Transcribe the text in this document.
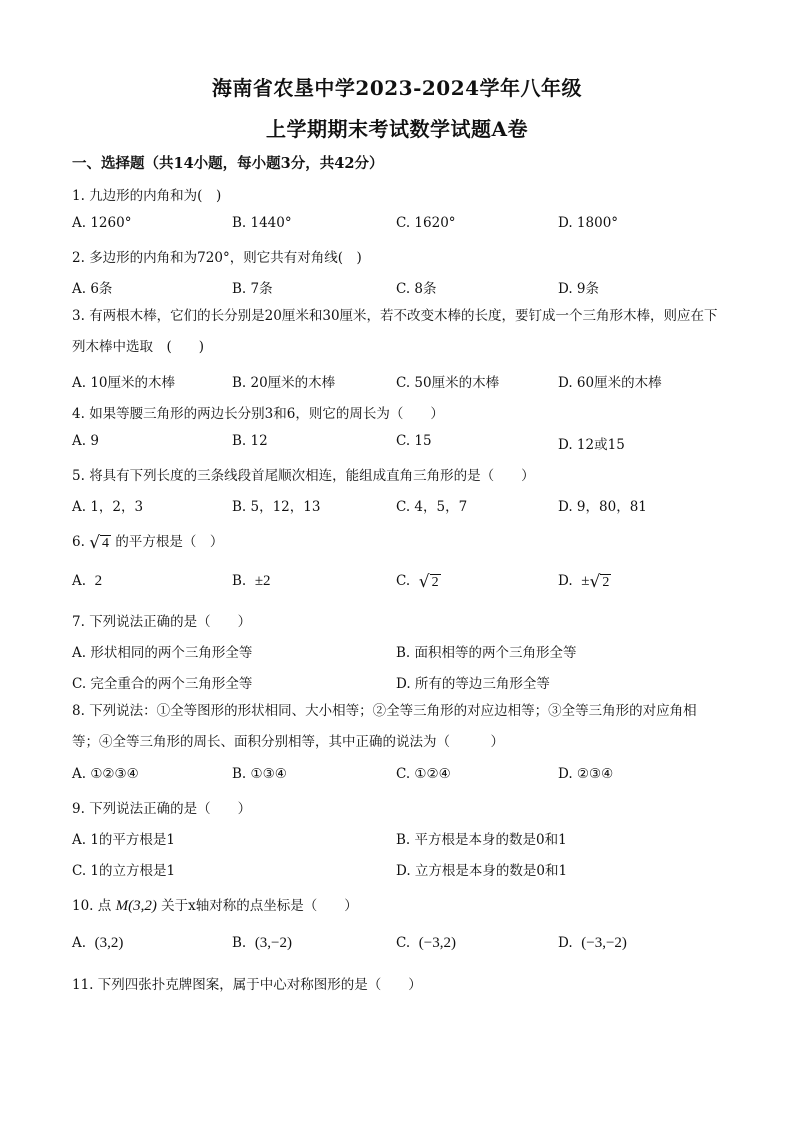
海南省农垦中学2023-2024学年八年级
上学期期末考试数学试题A卷
一、选择题（共14小题，每小题3分，共42分）
1. 九边形的内角和为(　)
A. 1260°	B. 1440°	C. 1620°	D. 1800°
2. 多边形的内角和为720°，则它共有对角线(　)
A. 6条	B. 7条	C. 8条	D. 9条
3. 有两根木棒，它们的长分别是20厘米和30厘米，若不改变木棒的长度，要钉成一个三角形木棒，则应在下列木棒中选取　(　　)
A. 10厘米的木棒	B. 20厘米的木棒	C. 50厘米的木棒	D. 60厘米的木棒
4. 如果等腰三角形的两边长分别3和6，则它的周长为（　　）
A. 9	B. 12	C. 15	D. 12或15
5. 将具有下列长度的三条线段首尾顺次相连，能组成直角三角形的是（　　）
A. 1，2，3	B. 5，12，13	C. 4，5，7	D. 9，80，81
6. √ 4 的平方根是（　）
A. 2	B. ±2	C. √ 2	D. ± √ 2
7. 下列说法正确的是（　　）
A. 形状相同的两个三角形全等	B. 面积相等的两个三角形全等
C. 完全重合的两个三角形全等	D. 所有的等边三角形全等
8. 下列说法：①全等图形的形状相同、大小相等；②全等三角形的对应边相等；③全等三角形的对应角相等；④全等三角形的周长、面积分别相等，其中正确的说法为（　　　）
A. ①②③④	B. ①③④	C. ①②④	D. ②③④
9. 下列说法正确的是（　　）
A. 1的平方根是1	B. 平方根是本身的数是0和1
C. 1的立方根是1	D. 立方根是本身的数是0和1
10. 点 M(3,2) 关于x轴对称的点坐标是（　　）
A. (3,2)	B. (3,−2)	C. (−3,2)	D. (−3,−2)
11. 下列四张扑克牌图案，属于中心对称图形的是（　　）
